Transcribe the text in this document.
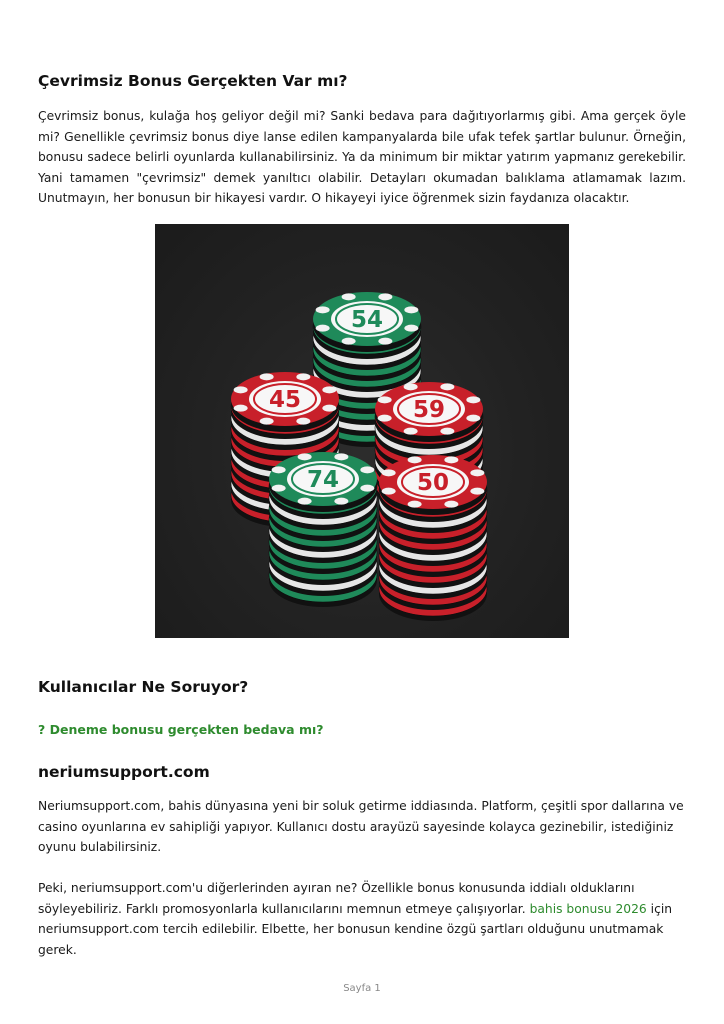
Çevrimsiz Bonus Gerçekten Var mı?

Çevrimsiz bonus, kulağa hoş geliyor değil mi? Sanki bedava para dağıtıyorlarmış gibi. Ama gerçek öyle mi? Genellikle çevrimsiz bonus diye lanse edilen kampanyalarda bile ufak tefek şartlar bulunur. Örneğin, bonusu sadece belirli oyunlarda kullanabilirsiniz. Ya da minimum bir miktar yatırım yapmanız gerekebilir. Yani tamamen "çevrimsiz" demek yanıltıcı olabilir. Detayları okumadan balıklama atlamamak lazım. Unutmayın, her bonusun bir hikayesi vardır. O hikayeyi iyice öğrenmek sizin faydanıza olacaktır.

Kullanıcılar Ne Soruyor?
? Deneme bonusu gerçekten bedava mı?
neriumsupport.com

Neriumsupport.com, bahis dünyasına yeni bir soluk getirme iddiasında. Platform, çeşitli spor dallarına ve casino oyunlarına ev sahipliği yapıyor. Kullanıcı dostu arayüzü sayesinde kolayca gezinebilir, istediğiniz oyunu bulabilirsiniz.

Peki, neriumsupport.com'u diğerlerinden ayıran ne? Özellikle bonus konusunda iddialı olduklarını söyleyebiliriz. Farklı promosyonlarla kullanıcılarını memnun etmeye çalışıyorlar. bahis bonusu 2026 için neriumsupport.com tercih edilebilir. Elbette, her bonusun kendine özgü şartları olduğunu unutmamak gerek.

54
45	59
74	50
Sayfa 1
